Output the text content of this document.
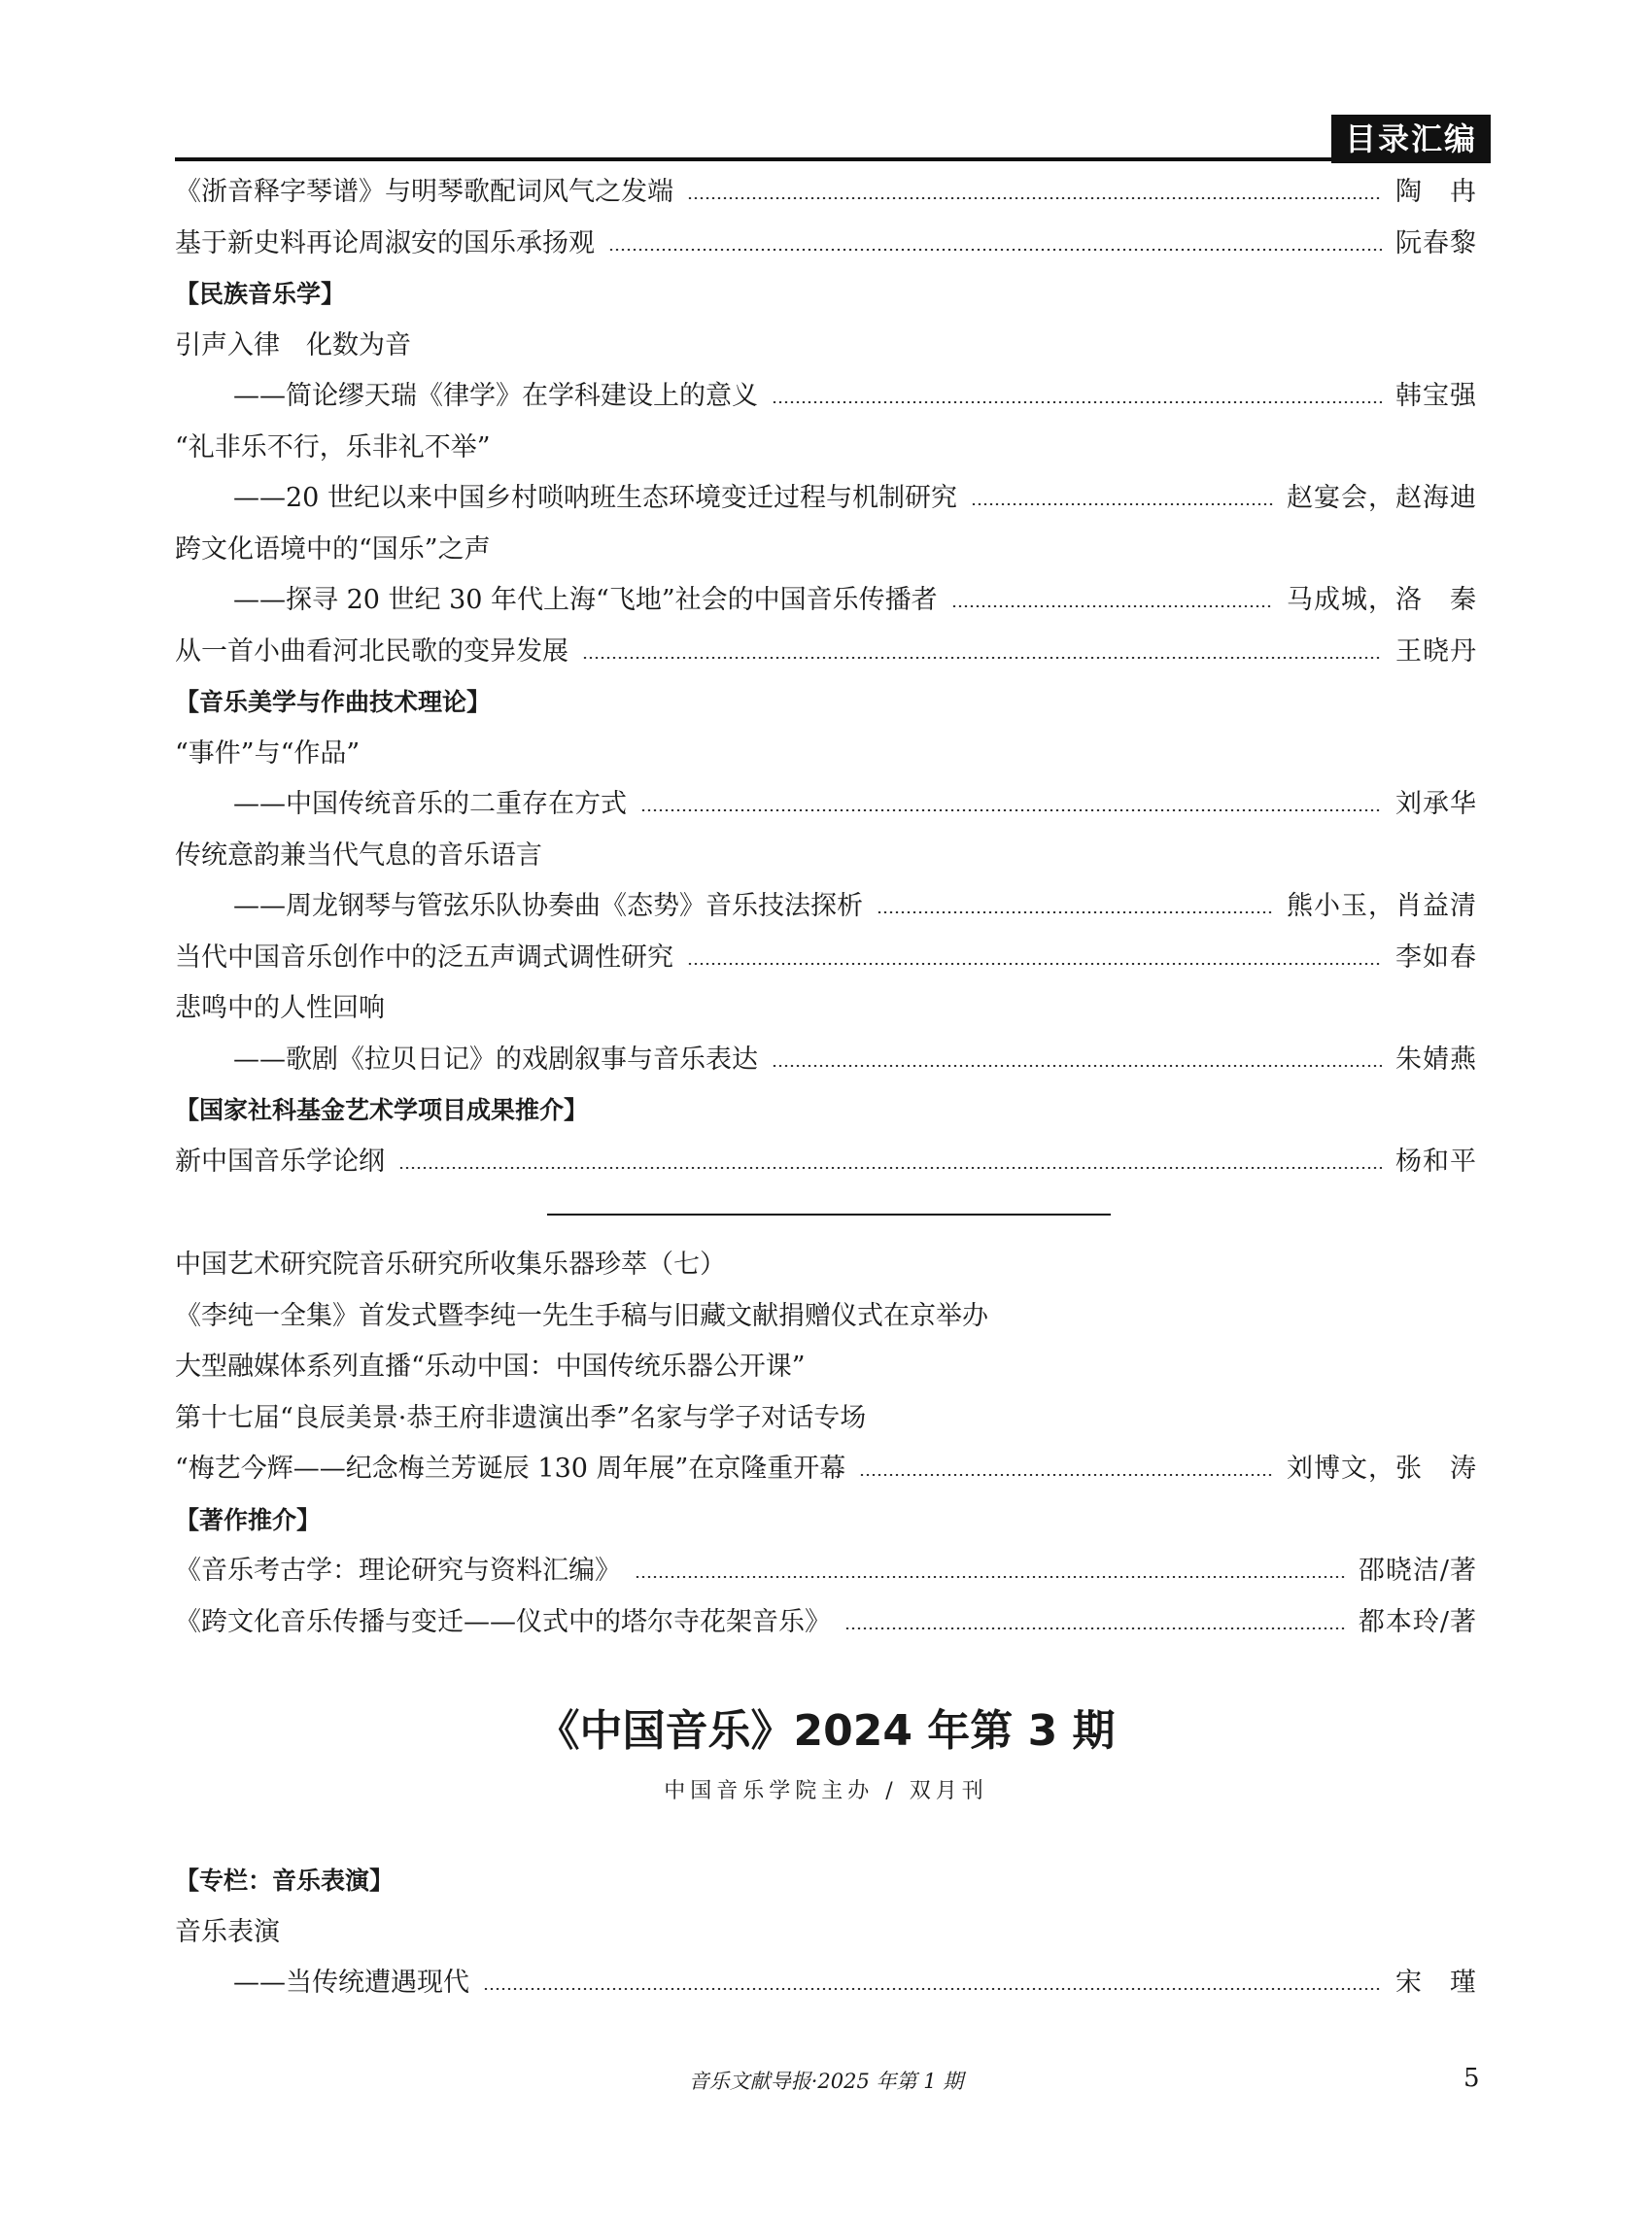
目录汇编
《浙音释字琴谱》与明琴歌配词风气之发端	陶　冉
基于新史料再论周淑安的国乐承扬观	阮春黎
【民族音乐学】
引声入律　化数为音
——简论缪天瑞《律学》在学科建设上的意义	韩宝强
“礼非乐不行，乐非礼不举”
——20 世纪以来中国乡村唢呐班生态环境变迁过程与机制研究	赵宴会，赵海迪
跨文化语境中的“国乐”之声
——探寻 20 世纪 30 年代上海“飞地”社会的中国音乐传播者	马成城，洛　秦
从一首小曲看河北民歌的变异发展	王晓丹
【音乐美学与作曲技术理论】
“事件”与“作品”
——中国传统音乐的二重存在方式	刘承华
传统意韵兼当代气息的音乐语言
——周龙钢琴与管弦乐队协奏曲《态势》音乐技法探析	熊小玉，肖益清
当代中国音乐创作中的泛五声调式调性研究	李如春
悲鸣中的人性回响
——歌剧《拉贝日记》的戏剧叙事与音乐表达	朱婧燕
【国家社科基金艺术学项目成果推介】
新中国音乐学论纲	杨和平
中国艺术研究院音乐研究所收集乐器珍萃（七）
《李纯一全集》首发式暨李纯一先生手稿与旧藏文献捐赠仪式在京举办
大型融媒体系列直播“乐动中国：中国传统乐器公开课”
第十七届“良辰美景·恭王府非遗演出季”名家与学子对话专场
“梅艺今辉——纪念梅兰芳诞辰 130 周年展”在京隆重开幕	刘博文，张　涛
【著作推介】
《音乐考古学：理论研究与资料汇编》	邵晓洁/著
《跨文化音乐传播与变迁——仪式中的塔尔寺花架音乐》	都本玲/著
《中国音乐》2024 年第 3 期
中国音乐学院主办 / 双月刊
【专栏：音乐表演】
音乐表演
——当传统遭遇现代	宋　瑾
音乐文献导报·2025 年第 1 期	5
